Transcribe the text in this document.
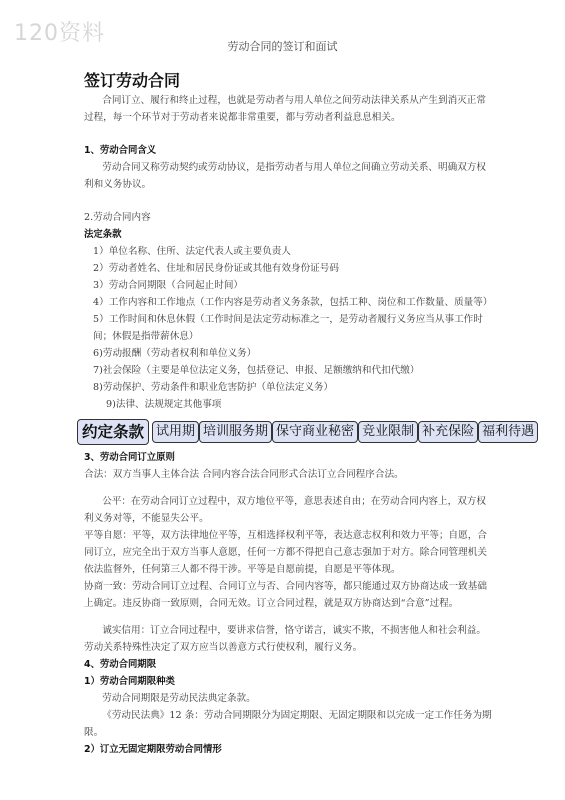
120资料
劳动合同的签订和面试
签订劳动合同

合同订立、履行和终止过程，也就是劳动者与用人单位之间劳动法律关系从产生到消灭正常过程，每一个环节对于劳动者来说都非常重要，都与劳动者利益息息相关。

1、劳动合同含义

劳动合同又称劳动契约或劳动协议，是指劳动者与用人单位之间确立劳动关系、明确双方权利和义务协议。

2.劳动合同内容
法定条款
1）单位名称、住所、法定代表人或主要负责人
2）劳动者姓名、住址和居民身份证或其他有效身份证号码
3）劳动合同期限（合同起止时间）
4）工作内容和工作地点（工作内容是劳动者义务条款，包括工种、岗位和工作数量、质量等）
5）工作时间和休息休假（工作时间是法定劳动标准之一，是劳动者履行义务应当从事工作时间；休假是指带薪休息）
6)劳动报酬（劳动者权利和单位义务）
7)社会保险（主要是单位法定义务，包括登记、申报、足额缴纳和代扣代缴）
8)劳动保护、劳动条件和职业危害防护（单位法定义务）
9)法律、法规规定其他事项
约定条款 试用期 培训服务期 保守商业秘密 竞业限制 补充保险 福利待遇
3、劳动合同订立原则

合法：双方当事人主体合法 合同内容合法合同形式合法订立合同程序合法。

公平：在劳动合同订立过程中，双方地位平等，意思表述自由；在劳动合同内容上，双方权利义务对等，不能显失公平。

平等自愿：平等，双方法律地位平等，互相选择权利平等，表达意志权利和效力平等；自愿，合同订立，应完全出于双方当事人意愿，任何一方都不得把自己意志强加于对方。除合同管理机关依法监督外，任何第三人都不得干涉。平等是自愿前提，自愿是平等体现。

协商一致：劳动合同订立过程、合同订立与否、合同内容等，都只能通过双方协商达成一致基础上确定。违反协商一致原则，合同无效。订立合同过程，就是双方协商达到“合意”过程。

诚实信用：订立合同过程中，要讲求信誉，恪守诺言，诚实不欺，不损害他人和社会利益。劳动关系特殊性决定了双方应当以善意方式行使权利，履行义务。

4、劳动合同期限
1）劳动合同期限种类

劳动合同期限是劳动民法典定条款。

《劳动民法典》12 条：劳动合同期限分为固定期限、无固定期限和以完成一定工作任务为期限。

2）订立无固定期限劳动合同情形
